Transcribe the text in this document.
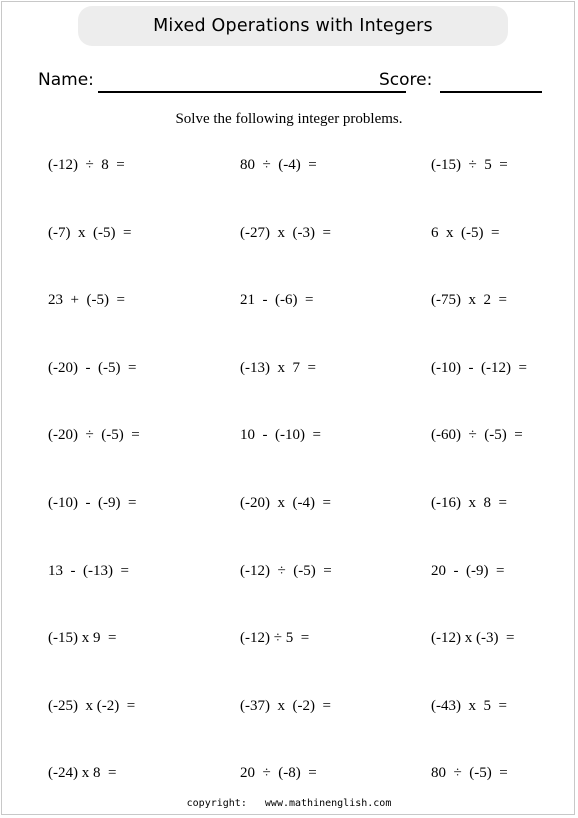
Mixed Operations with Integers
Name:	Score:
Solve the following integer problems.
(-12)  ÷  8  =	80  ÷  (-4)  =	(-15)  ÷  5  =
(-7)  x  (-5)  =	(-27)  x  (-3)  =	6  x  (-5)  =
23  +  (-5)  =	21  -  (-6)  =	(-75)  x  2  =
(-20)  -  (-5)  =	(-13)  x  7  =	(-10)  -  (-12)  =
(-20)  ÷  (-5)  =	10  -  (-10)  =	(-60)  ÷  (-5)  =
(-10)  -  (-9)  =	(-20)  x  (-4)  =	(-16)  x  8  =
13  -  (-13)  =	(-12)  ÷  (-5)  =	20  -  (-9)  =
(-15) x 9  =	(-12) ÷ 5  =	(-12) x (-3)  =
(-25)  x (-2)  =	(-37)  x  (-2)  =	(-43)  x  5  =
(-24) x 8  =	20  ÷  (-8)  =	80  ÷  (-5)  =
copyright:   www.mathinenglish.com
